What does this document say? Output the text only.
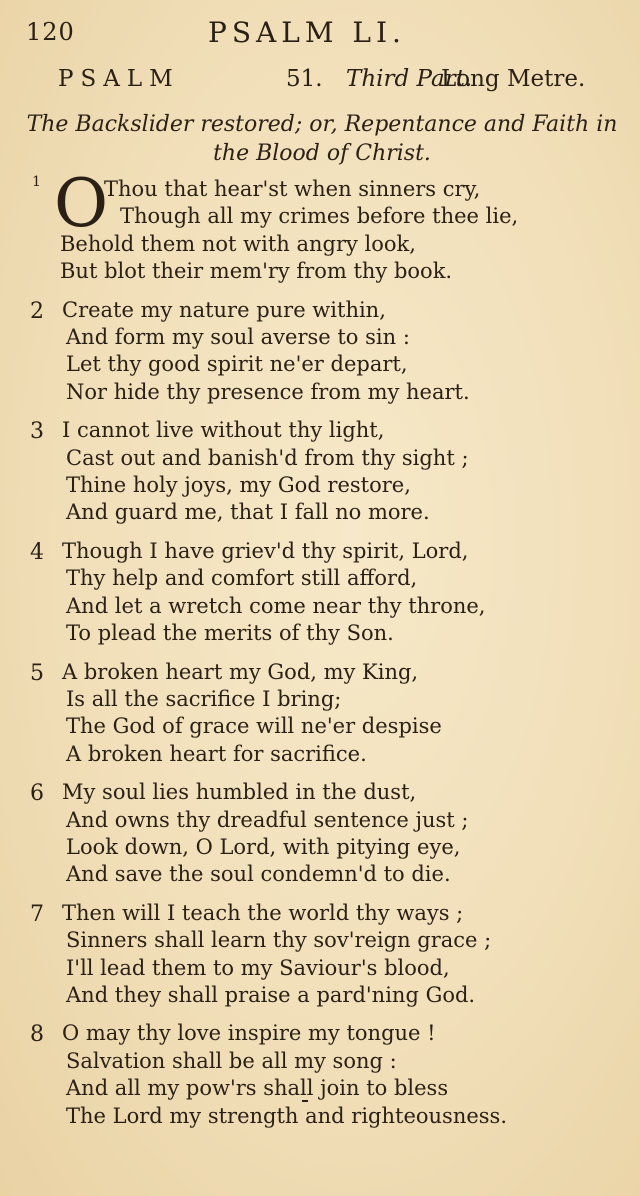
120	PSALM LI.
PSALM	51. Third Part.
Long Metre.
The Backslider restored; or, Repentance and Faith in
the Blood of Christ.
1 O
Thou that hear'st when sinners cry,
Though all my crimes before thee lie,
Behold them not with angry look,
But blot their mem'ry from thy book.
2 Create my nature pure within,
And form my soul averse to sin :
Let thy good spirit ne'er depart,
Nor hide thy presence from my heart.
3 I cannot live without thy light,
Cast out and banish'd from thy sight ;
Thine holy joys, my God restore,
And guard me, that I fall no more.
4 Though I have griev'd thy spirit, Lord,
Thy help and comfort still afford,
And let a wretch come near thy throne,
To plead the merits of thy Son.
5 A broken heart my God, my King,
Is all the sacrifice I bring;
The God of grace will ne'er despise
A broken heart for sacrifice.
6 My soul lies humbled in the dust,
And owns thy dreadful sentence just ;
Look down, O Lord, with pitying eye,
And save the soul condemn'd to die.
7 Then will I teach the world thy ways ;
Sinners shall learn thy sov'reign grace ;
I'll lead them to my Saviour's blood,
And they shall praise a pard'ning God.
8 O may thy love inspire my tongue !
Salvation shall be all my song :
And all my pow'rs shall join to bless
The Lord my strength and righteousness.
